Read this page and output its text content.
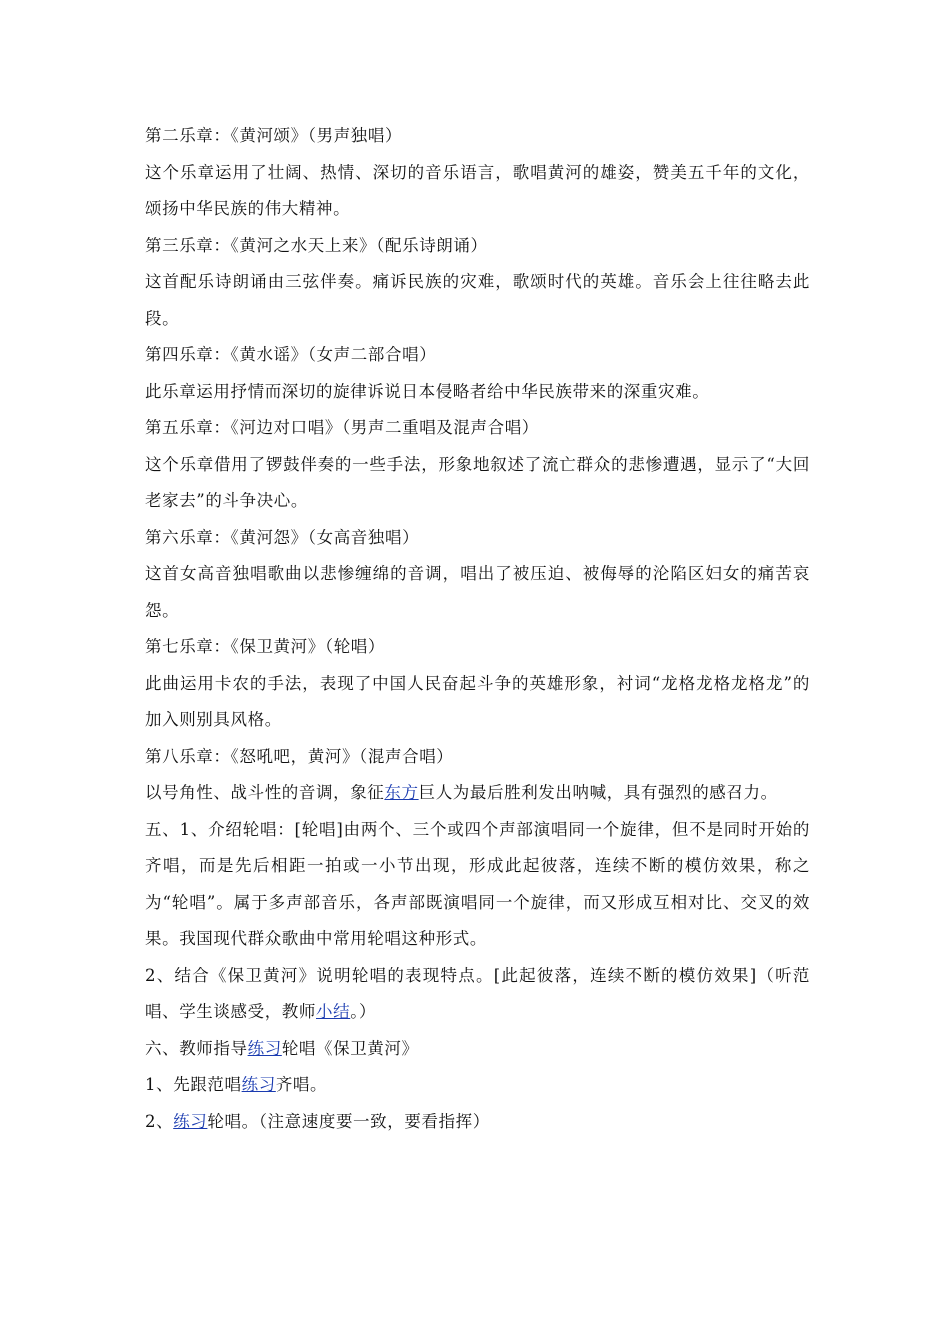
第二乐章：《黄河颂》（男声独唱）

这个乐章运用了壮阔、热情、深切的音乐语言，歌唱黄河的雄姿，赞美五千年的文化，颂扬中华民族的伟大精神。

第三乐章：《黄河之水天上来》（配乐诗朗诵）

这首配乐诗朗诵由三弦伴奏。痛诉民族的灾难，歌颂时代的英雄。音乐会上往往略去此段。

第四乐章：《黄水谣》（女声二部合唱）

此乐章运用抒情而深切的旋律诉说日本侵略者给中华民族带来的深重灾难。

第五乐章：《河边对口唱》（男声二重唱及混声合唱）

这个乐章借用了锣鼓伴奏的一些手法，形象地叙述了流亡群众的悲惨遭遇，显示了“大回老家去”的斗争决心。

第六乐章：《黄河怨》（女高音独唱）

这首女高音独唱歌曲以悲惨缠绵的音调，唱出了被压迫、被侮辱的沦陷区妇女的痛苦哀怨。

第七乐章：《保卫黄河》（轮唱）

此曲运用卡农的手法，表现了中国人民奋起斗争的英雄形象，衬词“龙格龙格龙格龙”的加入则别具风格。

第八乐章：《怒吼吧，黄河》（混声合唱）

以号角性、战斗性的音调，象征东方巨人为最后胜利发出呐喊，具有强烈的感召力。

五、1、介绍轮唱：[轮唱]由两个、三个或四个声部演唱同一个旋律，但不是同时开始的齐唱，而是先后相距一拍或一小节出现，形成此起彼落，连续不断的模仿效果，称之为“轮唱”。属于多声部音乐，各声部既演唱同一个旋律，而又形成互相对比、交叉的效果。我国现代群众歌曲中常用轮唱这种形式。

2、结合《保卫黄河》说明轮唱的表现特点。[此起彼落，连续不断的模仿效果]（听范唱、学生谈感受，教师小结。）

六、教师指导练习轮唱《保卫黄河》

1、先跟范唱练习齐唱。

2、练习轮唱。（注意速度要一致，要看指挥）
